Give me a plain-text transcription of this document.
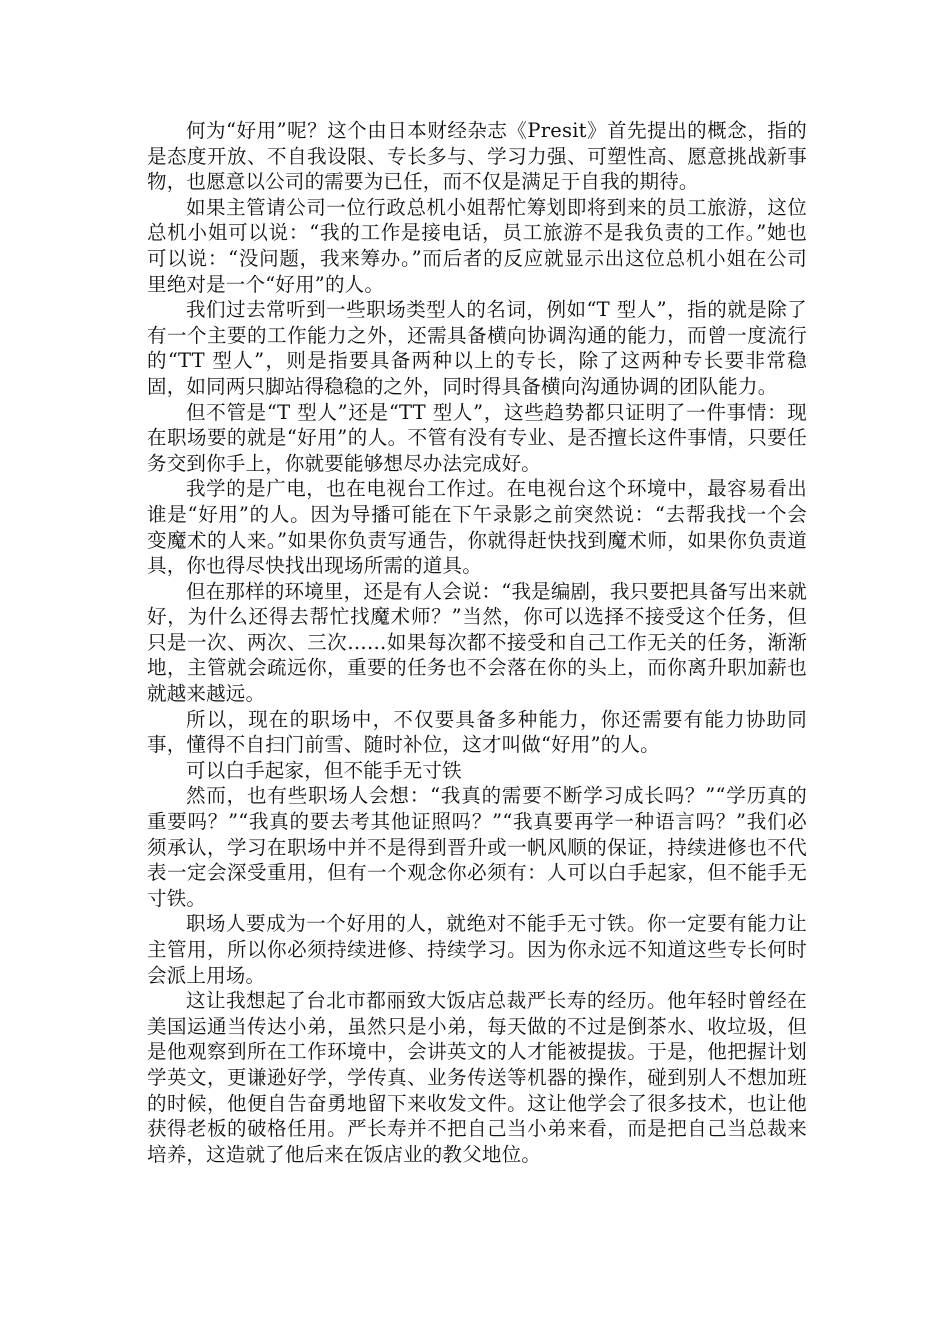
何为“好用”呢？这个由日本财经杂志《Presit》首先提出的概念，指的是态度开放、不自我设限、专长多与、学习力强、可塑性高、愿意挑战新事物，也愿意以公司的需要为已任，而不仅是满足于自我的期待。

如果主管请公司一位行政总机小姐帮忙筹划即将到来的员工旅游，这位总机小姐可以说：“我的工作是接电话，员工旅游不是我负责的工作。”她也可以说：“没问题，我来筹办。”而后者的反应就显示出这位总机小姐在公司里绝对是一个“好用”的人。

我们过去常听到一些职场类型人的名词，例如“T 型人”，指的就是除了有一个主要的工作能力之外，还需具备横向协调沟通的能力，而曾一度流行的“TT 型人”，则是指要具备两种以上的专长，除了这两种专长要非常稳固，如同两只脚站得稳稳的之外，同时得具备横向沟通协调的团队能力。

但不管是“T 型人”还是“TT 型人”，这些趋势都只证明了一件事情：现在职场要的就是“好用”的人。不管有没有专业、是否擅长这件事情，只要任务交到你手上，你就要能够想尽办法完成好。

我学的是广电，也在电视台工作过。在电视台这个环境中，最容易看出谁是“好用”的人。因为导播可能在下午录影之前突然说：“去帮我找一个会变魔术的人来。”如果你负责写通告，你就得赶快找到魔术师，如果你负责道具，你也得尽快找出现场所需的道具。

但在那样的环境里，还是有人会说：“我是编剧，我只要把具备写出来就好，为什么还得去帮忙找魔术师？”当然，你可以选择不接受这个任务，但只是一次、两次、三次……如果每次都不接受和自己工作无关的任务，渐渐地，主管就会疏远你，重要的任务也不会落在你的头上，而你离升职加薪也就越来越远。

所以，现在的职场中，不仅要具备多种能力，你还需要有能力协助同事，懂得不自扫门前雪、随时补位，这才叫做“好用”的人。

可以白手起家，但不能手无寸铁

然而，也有些职场人会想：“我真的需要不断学习成长吗？”“学历真的重要吗？”“我真的要去考其他证照吗？”“我真要再学一种语言吗？”我们必须承认，学习在职场中并不是得到晋升或一帆风顺的保证，持续进修也不代表一定会深受重用，但有一个观念你必须有：人可以白手起家，但不能手无寸铁。

职场人要成为一个好用的人，就绝对不能手无寸铁。你一定要有能力让主管用，所以你必须持续进修、持续学习。因为你永远不知道这些专长何时会派上用场。

这让我想起了台北市都丽致大饭店总裁严长寿的经历。他年轻时曾经在美国运通当传达小弟，虽然只是小弟，每天做的不过是倒茶水、收垃圾，但是他观察到所在工作环境中，会讲英文的人才能被提拔。于是，他把握计划学英文，更谦逊好学，学传真、业务传送等机器的操作，碰到别人不想加班的时候，他便自告奋勇地留下来收发文件。这让他学会了很多技术，也让他获得老板的破格任用。严长寿并不把自己当小弟来看，而是把自己当总裁来培养，这造就了他后来在饭店业的教父地位。
